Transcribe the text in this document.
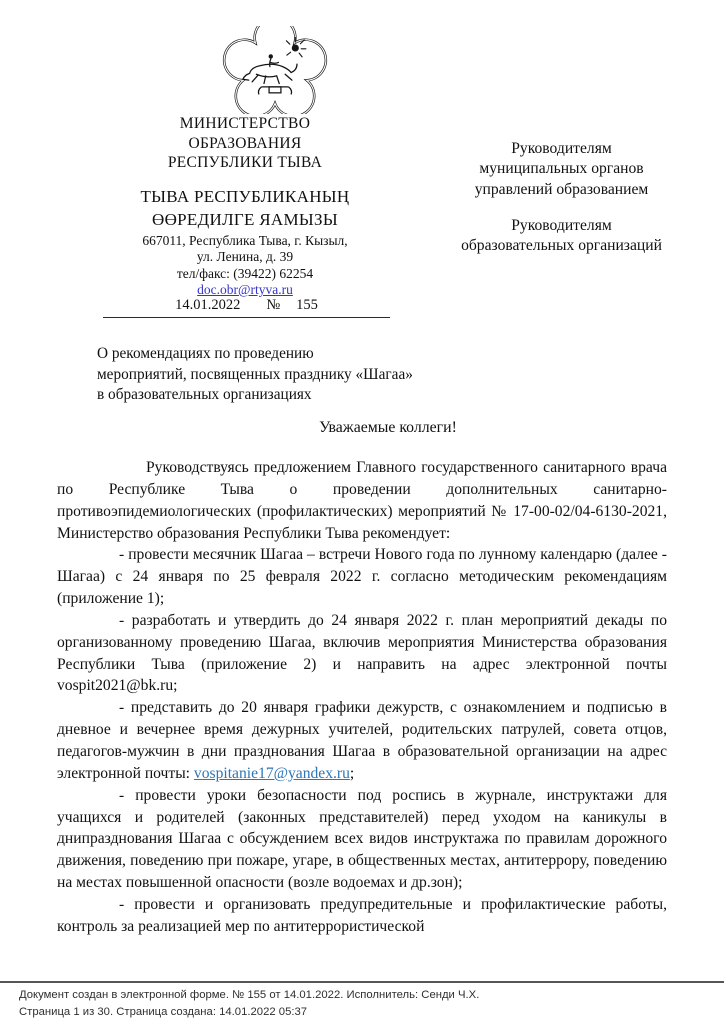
МИНИСТЕРСТВО
ОБРАЗОВАНИЯ
РЕСПУБЛИКИ ТЫВА
ТЫВА РЕСПУБЛИКАНЫҢ
ӨӨРЕДИЛГЕ ЯАМЫЗЫ
667011, Республика Тыва, г. Кызыл,
ул. Ленина, д. 39
тел/факс: (39422) 62254
doc.obr@rtyva.ru
14.01.2022 № 155
Руководителям
муниципальных органов
управлений образованием
Руководителям
образовательных организаций
О рекомендациях по проведению
мероприятий, посвященных празднику «Шагаа»
в образовательных организациях
Уважаемые коллеги!

Руководствуясь предложением Главного государственного санитарного врача по Республике Тыва о проведении дополнительных санитарно-противоэпидемиологических (профилактических) мероприятий № 17-00-02/04-6130-2021, Министерство образования Республики Тыва рекомендует:

- провести месячник Шагаа – встречи Нового года по лунному календарю (далее - Шагаа) с 24 января по 25 февраля 2022 г. согласно методическим рекомендациям (приложение 1);

- разработать и утвердить до 24 января 2022 г. план мероприятий декады по организованному проведению Шагаа, включив мероприятия Министерства образования Республики Тыва (приложение 2) и направить на адрес электронной почты vospit2021@bk.ru;

- представить до 20 января графики дежурств, с ознакомлением и подписью в дневное и вечернее время дежурных учителей, родительских патрулей, совета отцов, педагогов-мужчин в дни празднования Шагаа в образовательной организации на адрес электронной почты: vospitanie17@yandex.ru;

- провести уроки безопасности под роспись в журнале, инструктажи для учащихся и родителей (законных представителей) перед уходом на каникулы в днипразднования Шагаа с обсуждением всех видов инструктажа по правилам дорожного движения, поведению при пожаре, угаре, в общественных местах, антитеррору, поведению на местах повышенной опасности (возле водоемах и др.зон);

- провести и организовать предупредительные и профилактические работы, контроль за реализацией мер по антитеррористической

Документ создан в электронной форме. № 155 от 14.01.2022. Исполнитель: Сенди Ч.Х.
Страница 1 из 30. Страница создана: 14.01.2022 05:37
